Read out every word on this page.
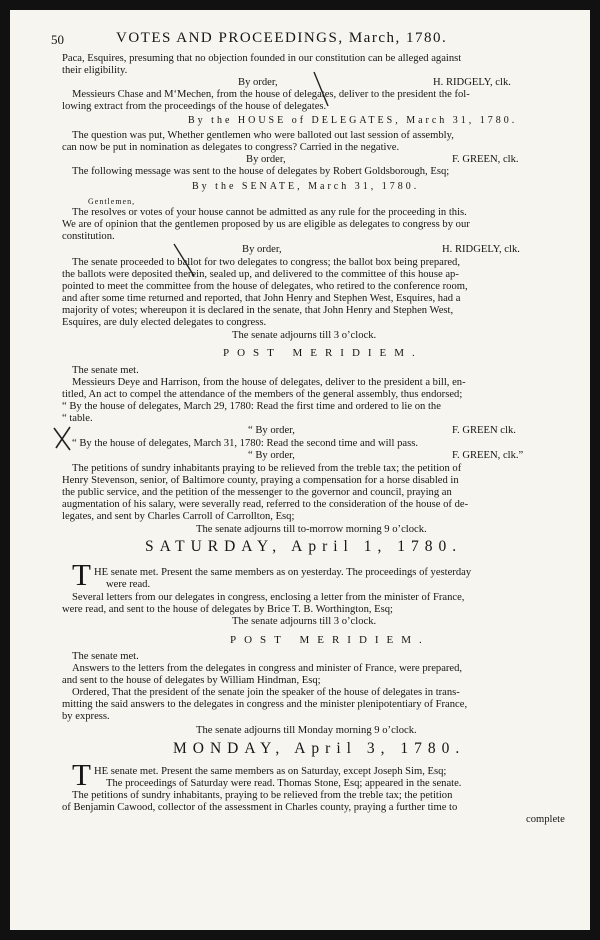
50	VOTES AND PROCEEDINGS, March, 1780.
Paca, Esquires, presuming that no objection founded in our constitution can be alleged against
their eligibility.
By order,	H. RIDGELY, clk.
Messieurs Chase and M‘Mechen, from the house of delegates, deliver to the president the fol-
lowing extract from the proceedings of the house of delegates.
By the HOUSE of DELEGATES, March 31, 1780.
The question was put, Whether gentlemen who were balloted out last session of assembly,
can now be put in nomination as delegates to congress? Carried in the negative.
By order,	F. GREEN, clk.
The following message was sent to the house of delegates by Robert Goldsborough, Esq;
By the SENATE, March 31, 1780.
Gentlemen,
The resolves or votes of your house cannot be admitted as any rule for the proceeding in this.
We are of opinion that the gentlemen proposed by us are eligible as delegates to congress by our
constitution.
By order,	H. RIDGELY, clk.
The senate proceeded to ballot for two delegates to congress; the ballot box being prepared,
the ballots were deposited therein, sealed up, and delivered to the committee of this house ap-
pointed to meet the committee from the house of delegates, who retired to the conference room,
and after some time returned and reported, that John Henry and Stephen West, Esquires, had a
majority of votes; whereupon it is declared in the senate, that John Henry and Stephen West,
Esquires, are duly elected delegates to congress.
The senate adjourns till 3 o’clock.
POST MERIDIEM.
The senate met.
Messieurs Deye and Harrison, from the house of delegates, deliver to the president a bill, en-
titled, An act to compel the attendance of the members of the general assembly, thus endorsed;
“ By the house of delegates, March 29, 1780: Read the first time and ordered to lie on the
“ table.
“ By order,	F. GREEN clk.
“ By the house of delegates, March 31, 1780: Read the second time and will pass.
“ By order,	F. GREEN, clk.”
The petitions of sundry inhabitants praying to be relieved from the treble tax; the petition of
Henry Stevenson, senior, of Baltimore county, praying a compensation for a horse disabled in
the public service, and the petition of the messenger to the governor and council, praying an
augmentation of his salary, were severally read, referred to the consideration of the house of de-
legates, and sent by Charles Carroll of Carrollton, Esq;
The senate adjourns till to-morrow morning 9 o’clock.
SATURDAY, April 1, 1780.
T HE senate met. Present the same members as on yesterday. The proceedings of yesterday
were read.
Several letters from our delegates in congress, enclosing a letter from the minister of France,
were read, and sent to the house of delegates by Brice T. B. Worthington, Esq;
The senate adjourns till 3 o’clock.
POST MERIDIEM.
The senate met.
Answers to the letters from the delegates in congress and minister of France, were prepared,
and sent to the house of delegates by William Hindman, Esq;
Ordered, That the president of the senate join the speaker of the house of delegates in trans-
mitting the said answers to the delegates in congress and the minister plenipotentiary of France,
by express.
The senate adjourns till Monday morning 9 o’clock.
MONDAY, April 3, 1780.
T HE senate met. Present the same members as on Saturday, except Joseph Sim, Esq;
The proceedings of Saturday were read. Thomas Stone, Esq; appeared in the senate.
The petitions of sundry inhabitants, praying to be relieved from the treble tax; the petition
of Benjamin Cawood, collector of the assessment in Charles county, praying a further time to
complete
